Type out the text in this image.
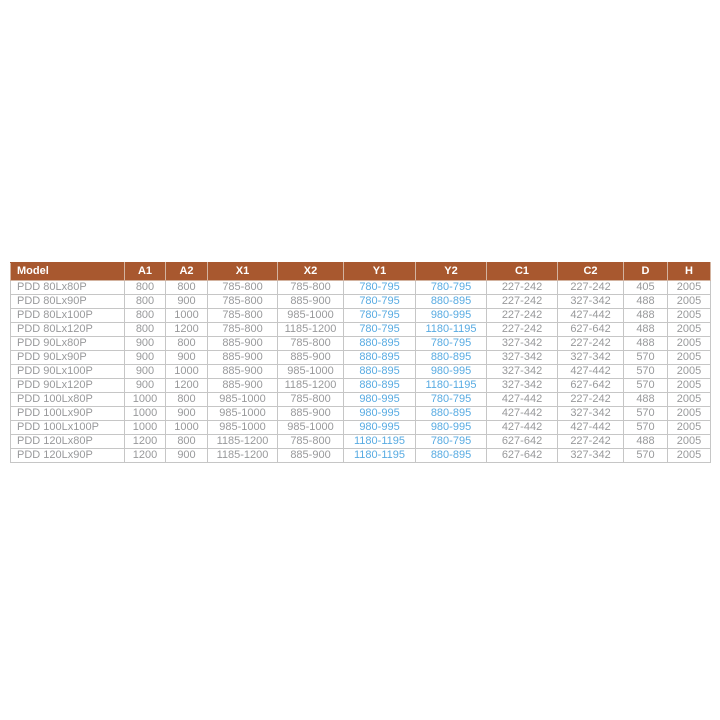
Model	A1	A2	X1	X2	Y1	Y2	C1	C2	D	H
PDD 80Lx80P	800	800	785-800	785-800	780-795	780-795	227-242	227-242	405	2005
PDD 80Lx90P	800	900	785-800	885-900	780-795	880-895	227-242	327-342	488	2005
PDD 80Lx100P	800	1000	785-800	985-1000	780-795	980-995	227-242	427-442	488	2005
PDD 80Lx120P	800	1200	785-800	1185-1200	780-795	1180-1195	227-242	627-642	488	2005
PDD 90Lx80P	900	800	885-900	785-800	880-895	780-795	327-342	227-242	488	2005
PDD 90Lx90P	900	900	885-900	885-900	880-895	880-895	327-342	327-342	570	2005
PDD 90Lx100P	900	1000	885-900	985-1000	880-895	980-995	327-342	427-442	570	2005
PDD 90Lx120P	900	1200	885-900	1185-1200	880-895	1180-1195	327-342	627-642	570	2005
PDD 100Lx80P	1000	800	985-1000	785-800	980-995	780-795	427-442	227-242	488	2005
PDD 100Lx90P	1000	900	985-1000	885-900	980-995	880-895	427-442	327-342	570	2005
PDD 100Lx100P	1000	1000	985-1000	985-1000	980-995	980-995	427-442	427-442	570	2005
PDD 120Lx80P	1200	800	1185-1200	785-800	1180-1195	780-795	627-642	227-242	488	2005
PDD 120Lx90P	1200	900	1185-1200	885-900	1180-1195	880-895	627-642	327-342	570	2005
